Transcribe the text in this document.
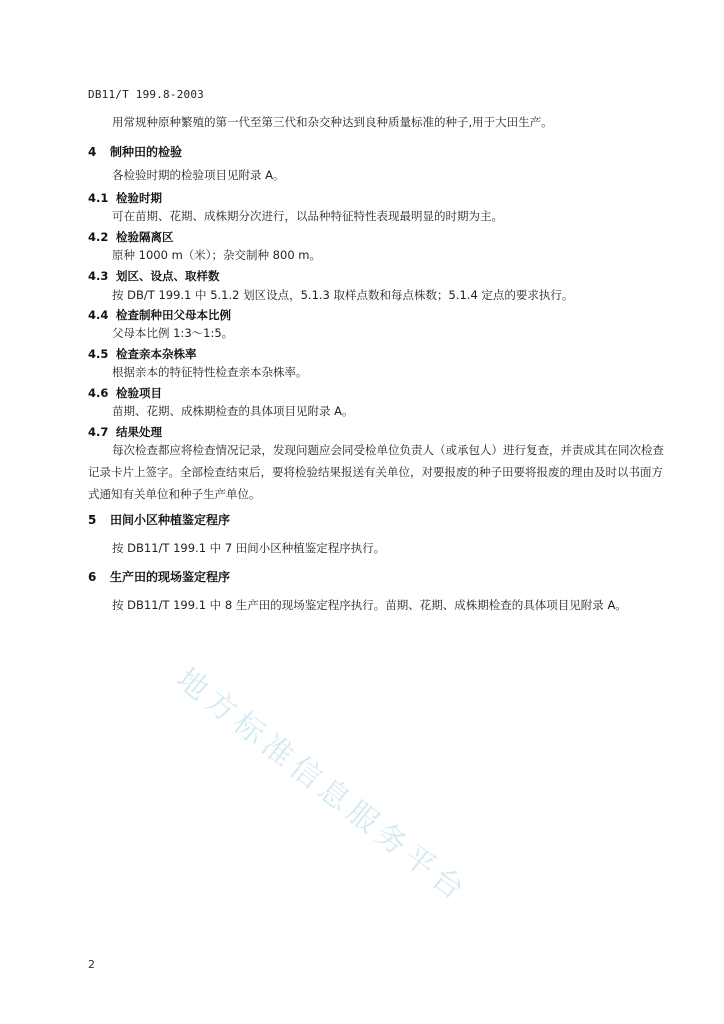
DB11/T 199.8-2003
用常规种原种繁殖的第一代至第三代和杂交种达到良种质量标准的种子,用于大田生产。
4 制种田的检验
各检验时期的检验项目见附录 A。
4.1 检验时期
可在苗期、花期、成株期分次进行，以品种特征特性表现最明显的时期为主。
4.2 检验隔离区
原种 1000 m（米）；杂交制种 800 m。
4.3 划区、设点、取样数
按 DB/T 199.1 中 5.1.2 划区设点，5.1.3 取样点数和每点株数；5.1.4 定点的要求执行。
4.4 检查制种田父母本比例
父母本比例 1:3～1:5。
4.5 检查亲本杂株率
根据亲本的特征特性检查亲本杂株率。
4.6 检验项目
苗期、花期、成株期检查的具体项目见附录 A。
4.7 结果处理
每次检查都应将检查情况记录，发现问题应会同受检单位负责人（或承包人）进行复查，并责成其在同次检查记录卡片上签字。全部检查结束后，要将检验结果报送有关单位，对要报废的种子田要将报废的理由及时以书面方式通知有关单位和种子生产单位。
5 田间小区种植鉴定程序
按 DB11/T 199.1 中 7 田间小区种植鉴定程序执行。
6 生产田的现场鉴定程序
按 DB11/T 199.1 中 8 生产田的现场鉴定程序执行。苗期、花期、成株期检查的具体项目见附录 A。
地方标准信息服务平台
2
